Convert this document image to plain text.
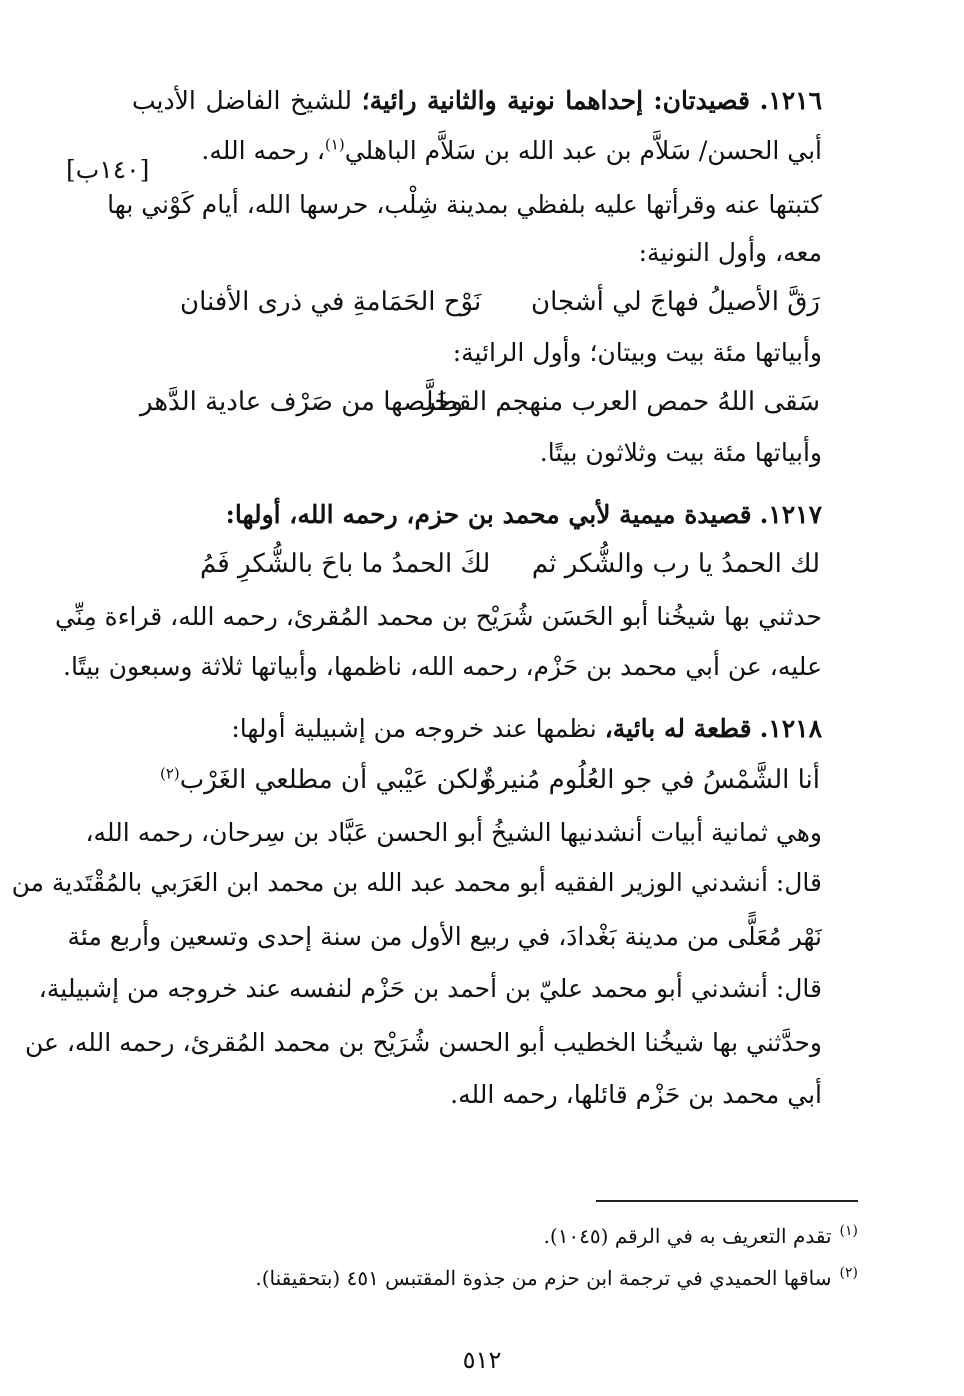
[١٤٠ب]
١٢١٦. قصيدتان: إحداهما نونية والثانية رائية؛ للشيخ الفاضل الأديب
أبي الحسن/ سَلاَّم بن عبد الله بن سَلاَّم الباهلي$^{(١)}$، رحمه الله.
كتبتها عنه وقرأتها عليه بلفظي بمدينة شِلْب، حرسها الله، أيام كَوْني بها
معه، وأول النونية:
رَقَّ الأصيلُ فهاجَ لي أشجان
نَوْح الحَمَامةِ في ذرى الأفنان
وأبياتها مئة بيت وبيتان؛ وأول الرائية:
سَقى اللهُ حمص العرب منهجم القطر
وخَلَّصها من صَرْف عادية الدَّهر
وأبياتها مئة بيت وثلاثون بيتًا.
١٢١٧. قصيدة ميمية لأبي محمد بن حزم، رحمه الله، أولها:
لك الحمدُ يا رب والشُّكر ثم
لكَ الحمدُ ما باحَ بالشُّكرِ فَمُ
حدثني بها شيخُنا أبو الحَسَن شُرَيْح بن محمد المُقرئ، رحمه الله، قراءة مِنِّي
عليه، عن أبي محمد بن حَزْم، رحمه الله، ناظمها، وأبياتها ثلاثة وسبعون بيتًا.
١٢١٨. قطعة له بائية، نظمها عند خروجه من إشبيلية أولها:
أنا الشَّمْسُ في جو العُلُوم مُنيرةٌ
ولكن عَيْبي أن مطلعي الغَرْب$^{(٢)}$
وهي ثمانية أبيات أنشدنيها الشيخُ أبو الحسن عَبَّاد بن سِرحان، رحمه الله،
قال: أنشدني الوزير الفقيه أبو محمد عبد الله بن محمد ابن العَرَبي بالمُقْتَدية من
نَهْر مُعَلًّى من مدينة بَغْدادَ، في ربيع الأول من سنة إحدى وتسعين وأربع مئة
قال: أنشدني أبو محمد عليّ بن أحمد بن حَزْم لنفسه عند خروجه من إشبيلية،
وحدَّثني بها شيخُنا الخطيب أبو الحسن شُرَيْح بن محمد المُقرئ، رحمه الله، عن
أبي محمد بن حَزْم قائلها، رحمه الله.
$^{(١)}$تقدم التعريف به في الرقم (١٠٤٥).
$^{(٢)}$ساقها الحميدي في ترجمة ابن حزم من جذوة المقتبس ٤٥١ (بتحقيقنا).
٥١٢
